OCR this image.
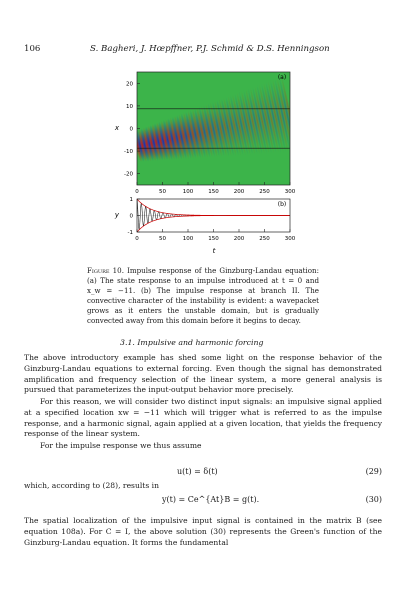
106	S. Bagheri, J. Hœpffner, P.J. Schmid & D.S. Henningson
(a)
x
20
10
0
-10
-20
0	50	100	150	200	250	300
(b)
y
t
1
0
-1
0	50	100	150	200	250	300
Figure 10. Impulse response of the Ginzburg-Landau equation: (a) The state response to an impulse introduced at t = 0 and x_w = −11. (b) The impulse response at branch II. The convective character of the instability is evident: a wavepacket grows as it enters the unstable domain, but is gradually convected away from this domain before it begins to decay.
3.1. Impulsive and harmonic forcing
The above introductory example has shed some light on the response behavior of the Ginzburg-Landau equations to external forcing. Even though the signal has demonstrated amplification and frequency selection of the linear system, a more general analysis is pursued that parameterizes the input-output behavior more precisely.
For this reason, we will consider two distinct input signals: an impulsive signal applied at a specified location xw = −11 which will trigger what is referred to as the impulse response, and a harmonic signal, again applied at a given location, that yields the frequency response of the linear system.
For the impulse response we thus assume
u(t) = δ(t)	(29)
which, according to (28), results in
y(t) = Ce^{At}B = g(t).	(30)
The spatial localization of the impulsive input signal is contained in the matrix B (see equation 108a). For C = I, the above solution (30) represents the Green's function of the Ginzburg-Landau equation. It forms the fundamental
